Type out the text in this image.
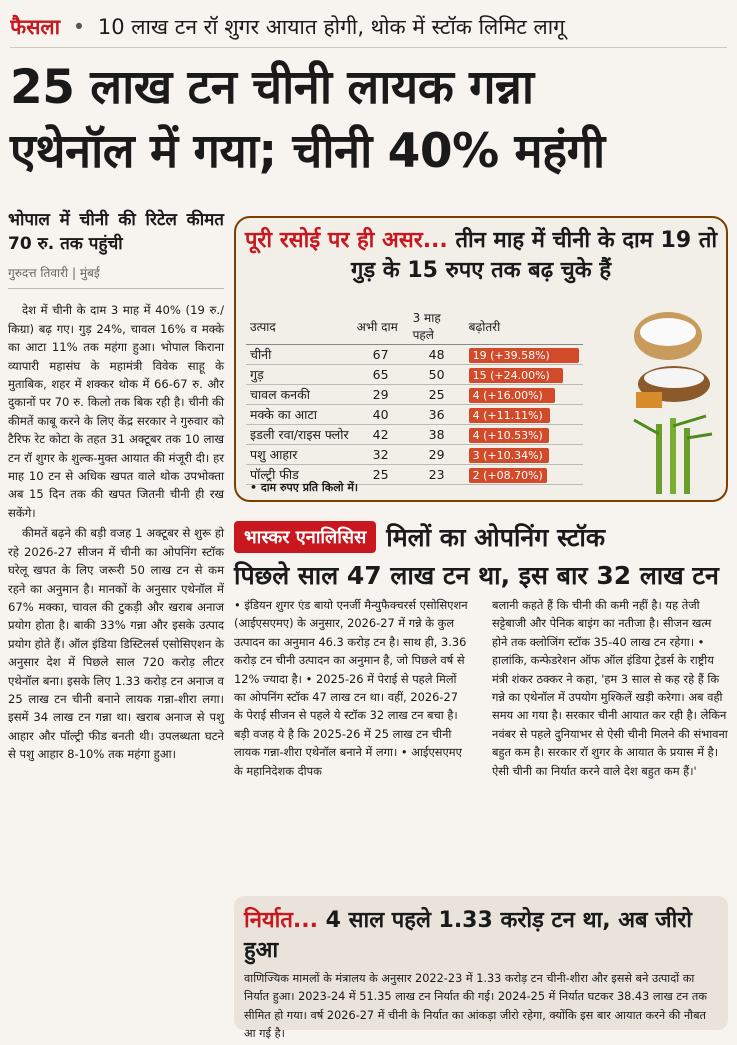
फैसला • 10 लाख टन रॉ शुगर आयात होगी, थोक में स्टॉक लिमिट लागू
25 लाख टन चीनी लायक गन्ना
एथेनॉल में गया; चीनी 40% महंगी
भोपाल में चीनी की रिटेल कीमत 70 रु. तक पहुंची
गुरुदत्त तिवारी | मुंबई

देश में चीनी के दाम 3 माह में 40% (19 रु./किग्रा) बढ़ गए। गुड़ 24%, चावल 16% व मक्के का आटा 11% तक महंगा हुआ। भोपाल किराना व्यापारी महासंघ के महामंत्री विवेक साहू के मुताबिक, शहर में शक्कर थोक में 66-67 रु. और दुकानों पर 70 रु. किलो तक बिक रही है। चीनी की कीमतें काबू करने के लिए केंद्र सरकार ने गुरुवार को टैरिफ रेट कोटा के तहत 31 अक्टूबर तक 10 लाख टन रॉ शुगर के शुल्क-मुक्त आयात की मंजूरी दी। हर माह 10 टन से अधिक खपत वाले थोक उपभोक्ता अब 15 दिन तक की खपत जितनी चीनी ही रख सकेंगे।

कीमतें बढ़ने की बड़ी वजह 1 अक्टूबर से शुरू हो रहे 2026-27 सीजन में चीनी का ओपनिंग स्टॉक घरेलू खपत के लिए जरूरी 50 लाख टन से कम रहने का अनुमान है। मानकों के अनुसार एथेनॉल में 67% मक्का, चावल की टुकड़ी और खराब अनाज प्रयोग होता है। बाकी 33% गन्ना और इसके उत्पाद प्रयोग होते हैं। ऑल इंडिया डिस्टिलर्स एसोसिएशन के अनुसार देश में पिछले साल 720 करोड़ लीटर एथेनॉल बना। इसके लिए 1.33 करोड़ टन अनाज व 25 लाख टन चीनी बनाने लायक गन्ना-शीरा लगा। इसमें 34 लाख टन गन्ना था। खराब अनाज से पशु आहार और पॉल्ट्री फीड बनती थी। उपलब्धता घटने से पशु आहार 8-10% तक महंगा हुआ।

पूरी रसोई पर ही असर... तीन माह में चीनी के दाम 19 तो गुड़ के 15 रुपए तक बढ़ चुके हैं
उत्पाद	अभी दाम	3 माह पहले	बढ़ोतरी
चीनी	67	48	19 (+39.58%)
गुड़	65	50	15 (+24.00%)
चावल कनकी	29	25	4 (+16.00%)
मक्के का आटा	40	36	4 (+11.11%)
इडली रवा/राइस फ्लोर	42	38	4 (+10.53%)
पशु आहार	32	29	3 (+10.34%)
पॉल्ट्री फीड	25	23	2 (+08.70%)
• दाम रुपए प्रति किलो में।
भास्कर एनालिसिस मिलों का ओपनिंग स्टॉक
पिछले साल 47 लाख टन था, इस बार 32 लाख टन
• इंडियन शुगर एंड बायो एनर्जी मैन्युफैक्चरर्स एसोसिएशन (आईएसएमए) के अनुसार, 2026-27 में गन्ने के कुल उत्पादन का अनुमान 46.3 करोड़ टन है। साथ ही, 3.36 करोड़ टन चीनी उत्पादन का अनुमान है, जो पिछले वर्ष से 12% ज्यादा है। • 2025-26 में पेराई से पहले मिलों का ओपनिंग स्टॉक 47 लाख टन था। वहीं, 2026-27 के पेराई सीजन से पहले ये स्टॉक 32 लाख टन बचा है। बड़ी वजह ये है कि 2025-26 में 25 लाख टन चीनी लायक गन्ना-शीरा एथेनॉल बनाने में लगा। • आईएसएमए के महानिदेशक दीपक
बलानी कहते हैं कि चीनी की कमी नहीं है। यह तेजी सट्टेबाजी और पेनिक बाइंग का नतीजा है। सीजन खत्म होने तक क्लोजिंग स्टॉक 35-40 लाख टन रहेगा। • हालांकि, कन्फेडरेशन ऑफ ऑल इंडिया ट्रेडर्स के राष्ट्रीय मंत्री शंकर ठक्कर ने कहा, 'हम 3 साल से कह रहे हैं कि गन्ने का एथेनॉल में उपयोग मुश्किलें खड़ी करेगा। अब वही समय आ गया है। सरकार चीनी आयात कर रही है। लेकिन नवंबर से पहले दुनियाभर से ऐसी चीनी मिलने की संभावना बहुत कम है। सरकार रॉ शुगर के आयात के प्रयास में है। ऐसी चीनी का निर्यात करने वाले देश बहुत कम हैं।'
निर्यात... 4 साल पहले 1.33 करोड़ टन था, अब जीरो हुआ
वाणिज्यिक मामलों के मंत्रालय के अनुसार 2022-23 में 1.33 करोड़ टन चीनी-शीरा और इससे बने उत्पादों का निर्यात हुआ। 2023-24 में 51.35 लाख टन निर्यात की गई। 2024-25 में निर्यात घटकर 38.43 लाख टन तक सीमित हो गया। वर्ष 2026-27 में चीनी के निर्यात का आंकड़ा जीरो रहेगा, क्योंकि इस बार आयात करने की नौबत आ गई है।
